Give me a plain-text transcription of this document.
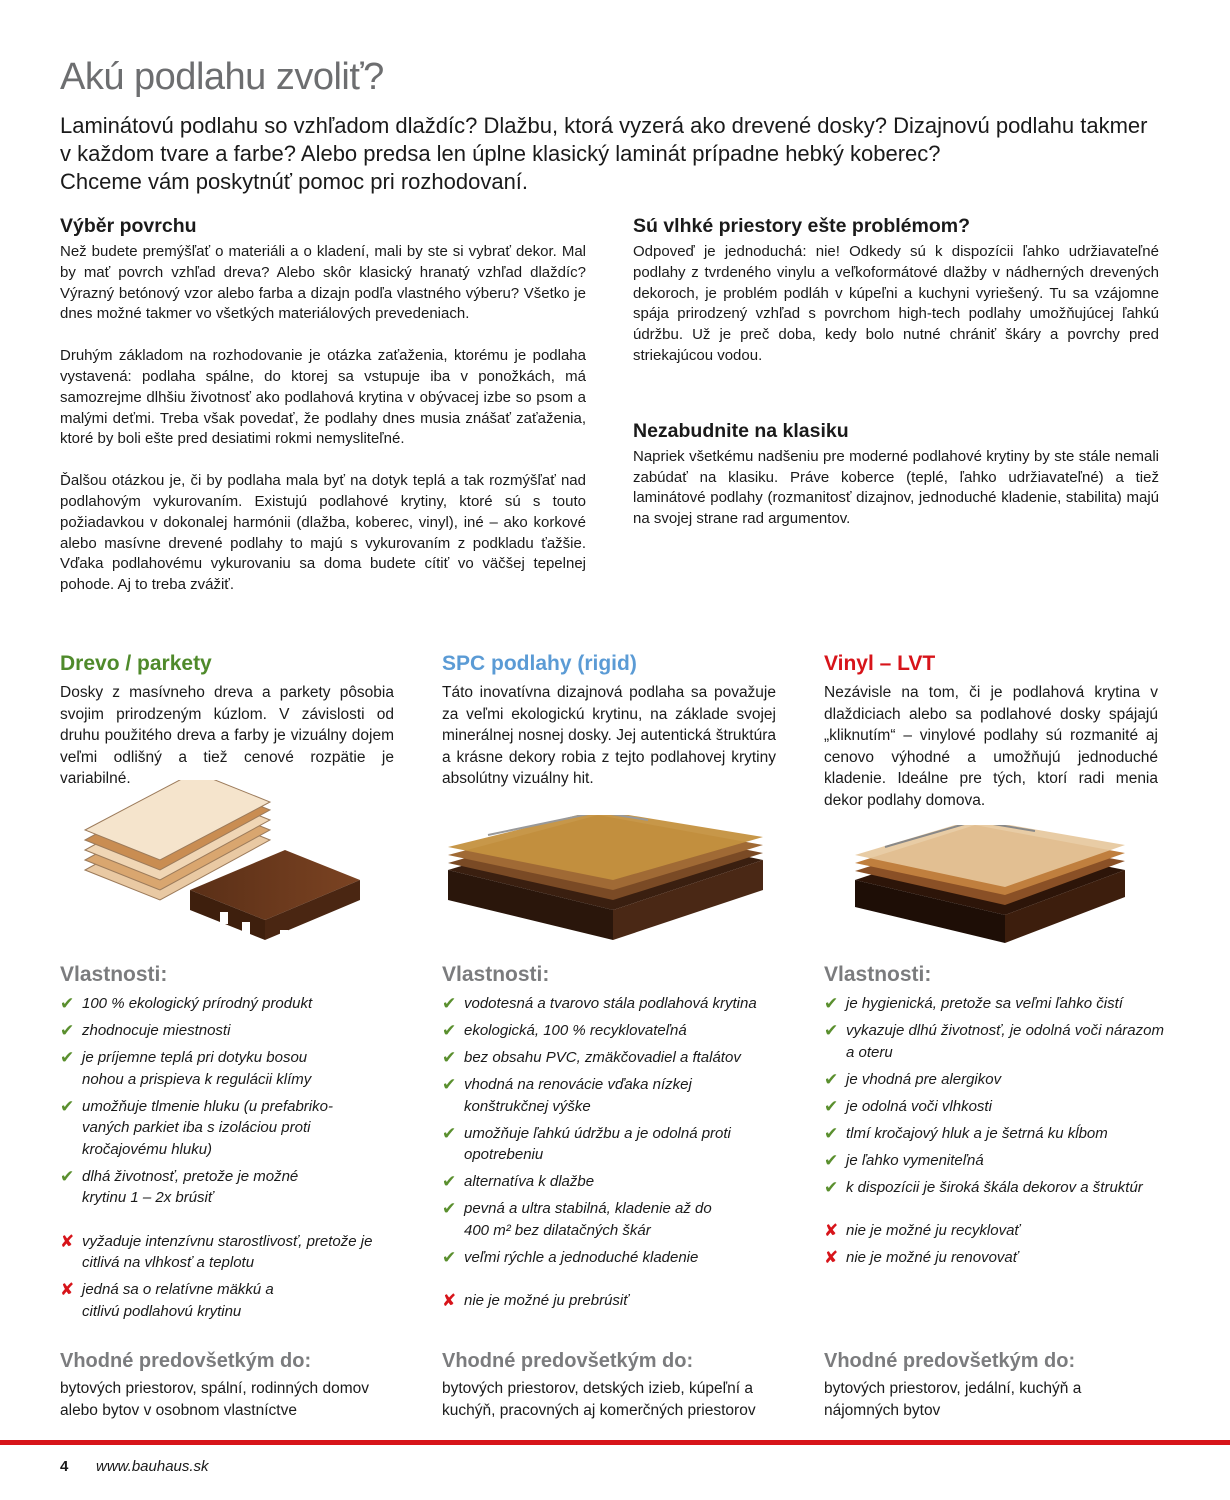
Akú podlahu zvoliť?
Laminátovú podlahu so vzhľadom dlaždíc? Dlažbu, ktorá vyzerá ako drevené dosky? Dizajnovú podlahu takmer
v každom tvare a farbe? Alebo predsa len úplne klasický laminát prípadne hebký koberec?
Chceme vám poskytnúť pomoc pri rozhodovaní.
Výběr povrchu

Než budete premýšľať o materiáli a o kladení, mali by ste si vybrať dekor. Mal by mať povrch vzhľad dreva? Alebo skôr klasický hranatý vzhľad dlaždíc? Výrazný betónový vzor alebo farba a dizajn podľa vlastného výberu? Všetko je dnes možné takmer vo všetkých materiálových prevedeniach.

Druhým základom na rozhodovanie je otázka zaťaženia, ktorému je podlaha vystavená: podlaha spálne, do ktorej sa vstupuje iba v ponožkách, má samozrejme dlhšiu životnosť ako podlahová krytina v obývacej izbe so psom a malými deťmi. Treba však povedať, že podlahy dnes musia znášať zaťaženia, ktoré by boli ešte pred desiatimi rokmi nemysliteľné.

Ďalšou otázkou je, či by podlaha mala byť na dotyk teplá a tak rozmýšľať nad podlahovým vykurovaním. Existujú podlahové krytiny, ktoré sú s touto požiadavkou v dokonalej harmónii (dlažba, koberec, vinyl), iné – ako korkové alebo masívne drevené podlahy to majú s vykurovaním z podkladu ťažšie. Vďaka podlahovému vykurovaniu sa doma budete cítiť vo väčšej tepelnej pohode. Aj to treba zvážiť.

Sú vlhké priestory ešte problémom?

Odpoveď je jednoduchá: nie! Odkedy sú k dispozícii ľahko udržiavateľné podlahy z tvrdeného vinylu a veľkoformátové dlažby v nádherných drevených dekoroch, je problém podláh v kúpeľni a kuchyni vyriešený. Tu sa vzájomne spája prirodzený vzhľad s povrchom high-tech podlahy umožňujúcej ľahkú údržbu. Už je preč doba, kedy bolo nutné chrániť škáry a povrchy pred striekajúcou vodou.

Nezabudnite na klasiku

Napriek všetkému nadšeniu pre moderné podlahové krytiny by ste stále nemali zabúdať na klasiku. Práve koberce (teplé, ľahko udržiavateľné) a tiež laminátové podlahy (rozmanitosť dizajnov, jednoduché kladenie, stabilita) majú na svojej strane rad argumentov.

Drevo / parkety

Dosky z masívneho dreva a parkety pôsobia svojim prirodzeným kúzlom. V závislosti od druhu použitého dreva a farby je vizuálny dojem veľmi odlišný a tiež cenové rozpätie je variabilné.

SPC podlahy (rigid)

Táto inovatívna dizajnová podlaha sa považuje za veľmi ekologickú krytinu, na základe svojej minerálnej nosnej dosky. Jej autentická štruktúra a krásne dekory robia z tejto podlahovej krytiny absolútny vizuálny hit.

Vinyl – LVT

Nezávisle na tom, či je podlahová krytina v dlaždiciach alebo sa podlahové dosky spájajú „kliknutím“ – vinylové podlahy sú rozmanité aj cenovo výhodné a umožňujú jednoduché kladenie. Ideálne pre tých, ktorí radi menia dekor podlahy domova.

Vlastnosti:
✔ 100 % ekologický prírodný produkt
✔ zhodnocuje miestnosti
✔ je príjemne teplá pri dotyku bosou nohou a prispieva k regulácii klímy
✔ umožňuje tlmenie hluku (u prefabriko-vaných parkiet iba s izoláciou proti kročajovému hluku)
✔ dlhá životnosť, pretože je možné krytinu 1 – 2x brúsiť
✘ vyžaduje intenzívnu starostlivosť, pretože je citlivá na vlhkosť a teplotu
✘ jedná sa o relatívne mäkkú a citlivú podlahovú krytinu
Vlastnosti:
✔ vodotesná a tvarovo stála podlahová krytina
✔ ekologická, 100 % recyklovateľná
✔ bez obsahu PVC, zmäkčovadiel a ftalátov
✔ vhodná na renovácie vďaka nízkej konštrukčnej výške
✔ umožňuje ľahkú údržbu a je odolná proti opotrebeniu
✔ alternatíva k dlažbe
✔ pevná a ultra stabilná, kladenie až do 400 m² bez dilatačných škár
✔ veľmi rýchle a jednoduché kladenie
✘ nie je možné ju prebrúsiť
Vlastnosti:
✔ je hygienická, pretože sa veľmi ľahko čistí
✔ vykazuje dlhú životnosť, je odolná voči nárazom a oteru
✔ je vhodná pre alergikov
✔ je odolná voči vlhkosti
✔ tlmí kročajový hluk a je šetrná ku kĺbom
✔ je ľahko vymeniteľná
✔ k dispozícii je široká škála dekorov a štruktúr
✘ nie je možné ju recyklovať
✘ nie je možné ju renovovať
Vhodné predovšetkým do:

bytových priestorov, spální, rodinných domov alebo bytov v osobnom vlastníctve

Vhodné predovšetkým do:

bytových priestorov, detských izieb, kúpeľní a kuchýň, pracovných aj komerčných priestorov

Vhodné predovšetkým do:

bytových priestorov, jedální, kuchýň a nájomných bytov

4 www.bauhaus.sk
